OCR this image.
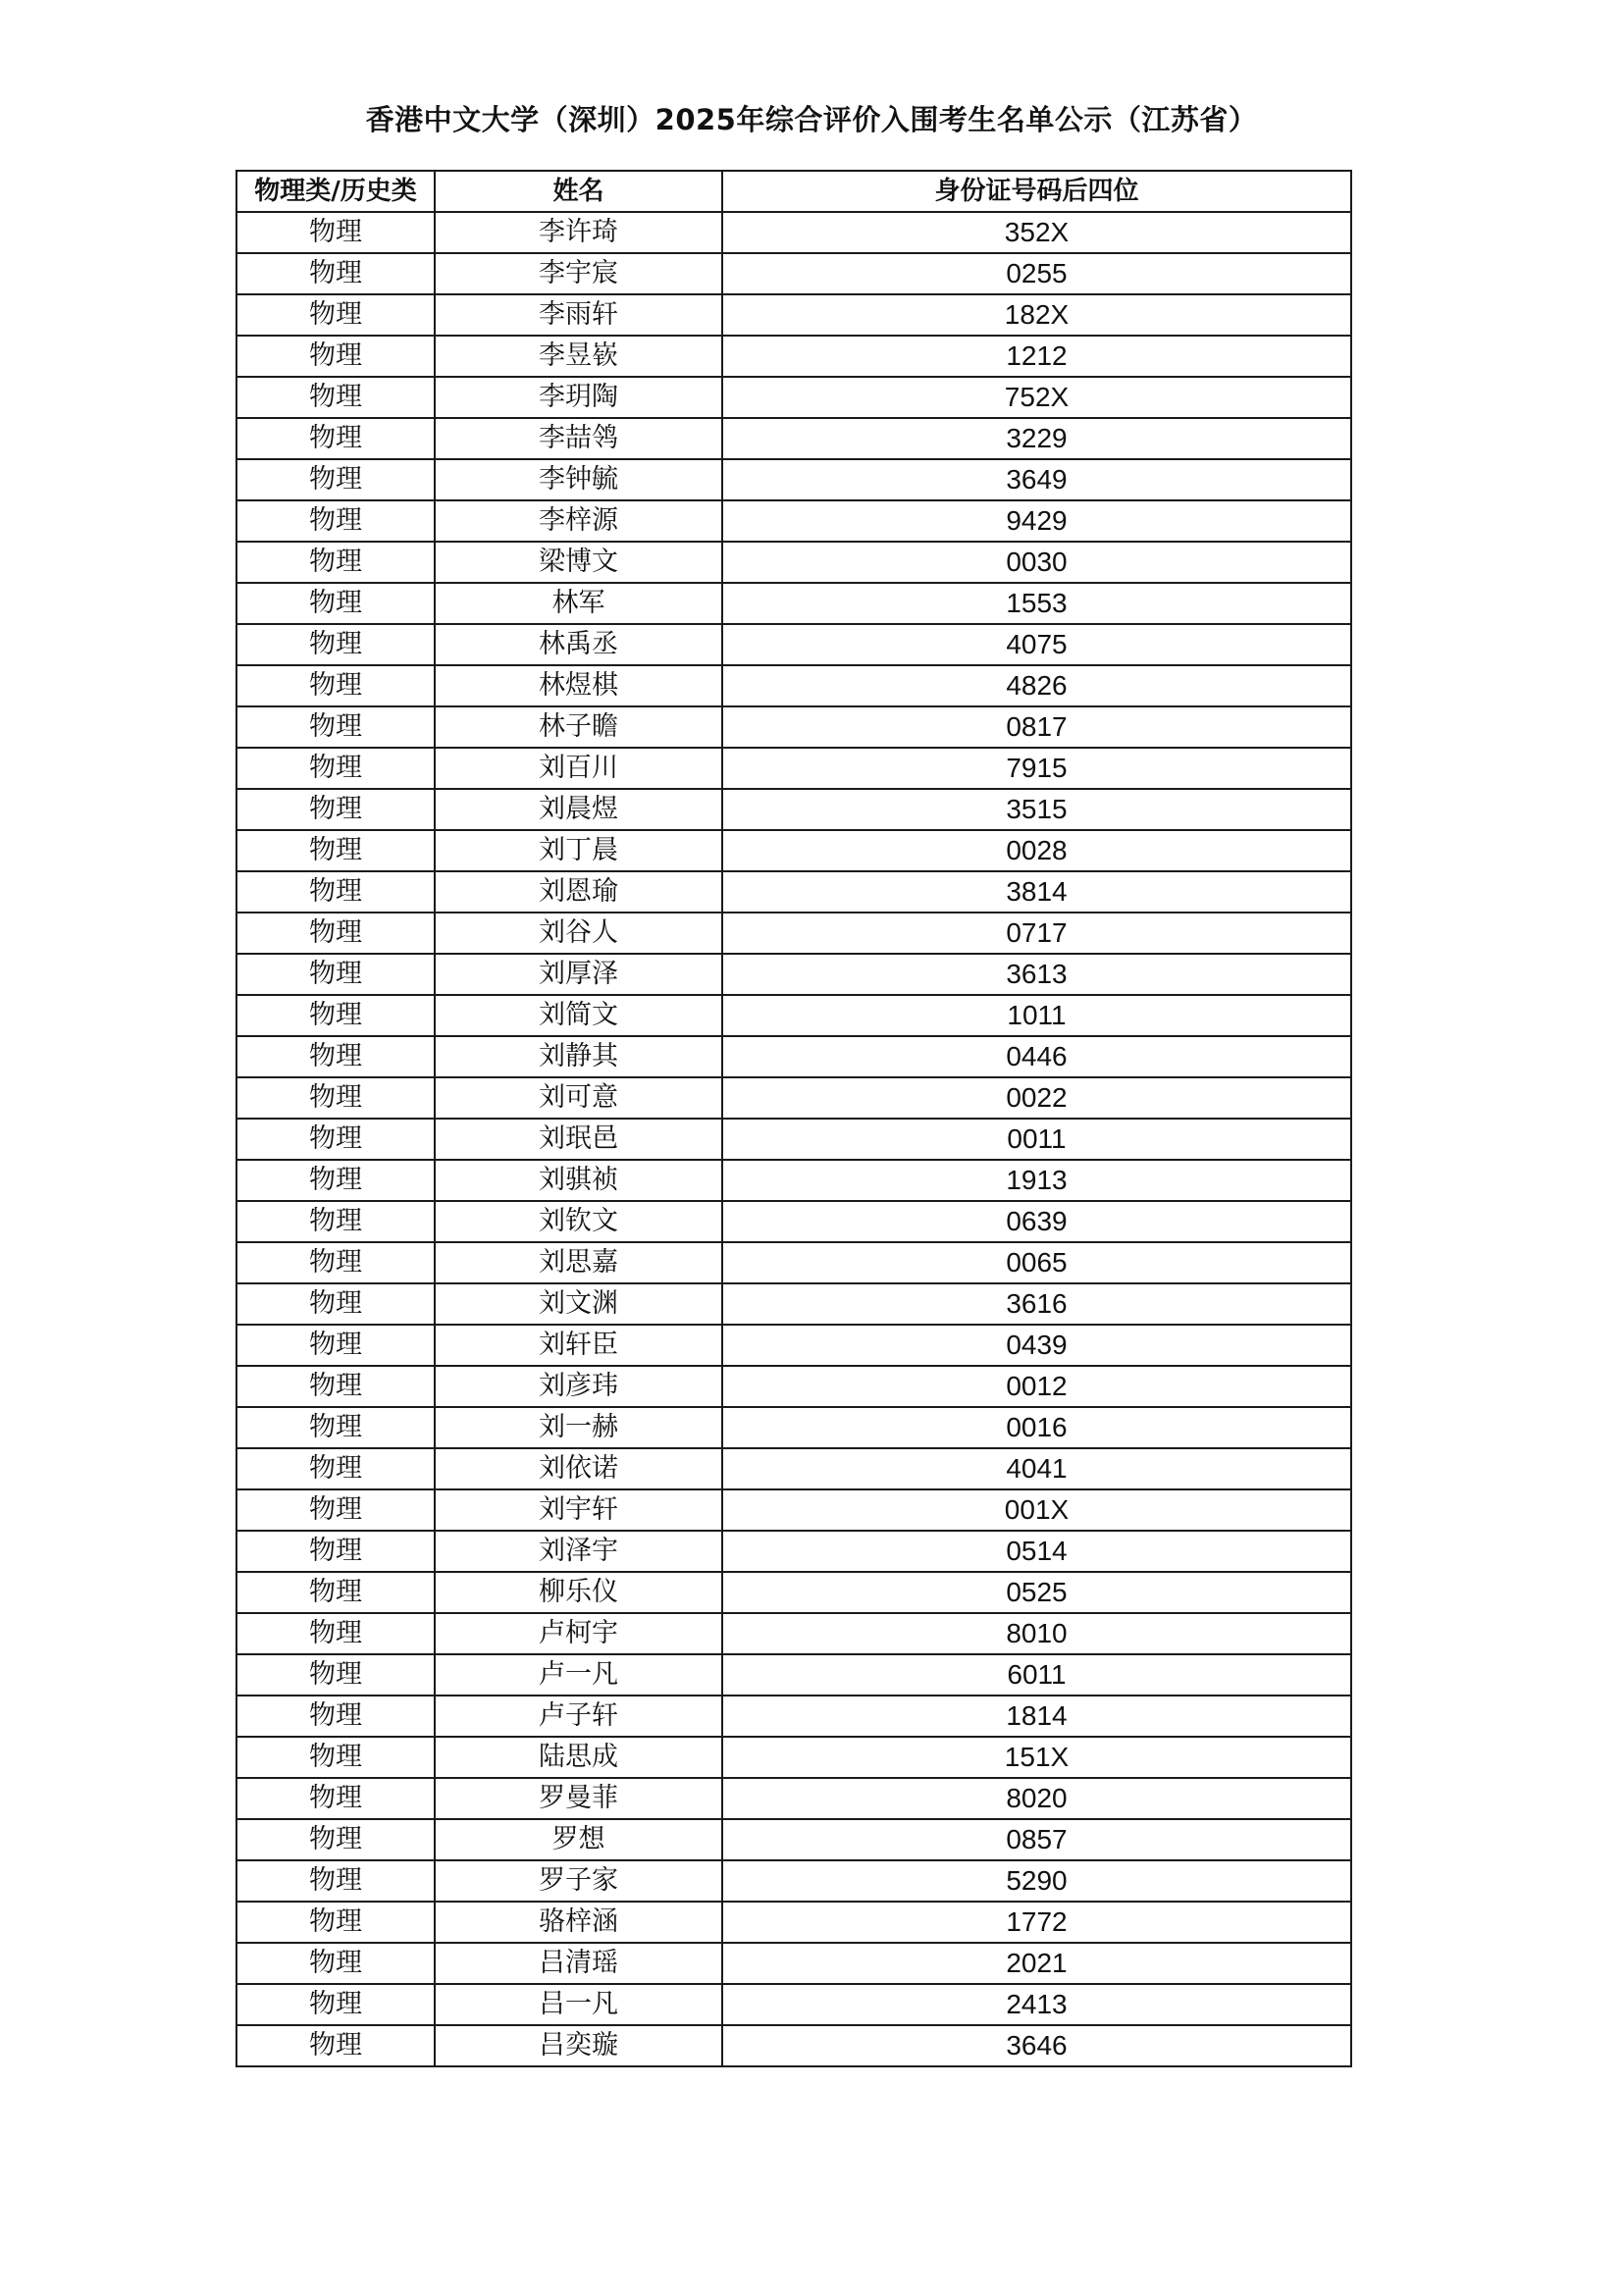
香港中文大学（深圳）2025年综合评价入围考生名单公示（江苏省）
物理类/历史类	姓名	身份证号码后四位
物理	李许琦	352X
物理	李宇宸	0255
物理	李雨轩	182X
物理	李昱嵚	1212
物理	李玥陶	752X
物理	李喆鸰	3229
物理	李钟毓	3649
物理	李梓源	9429
物理	梁博文	0030
物理	林军	1553
物理	林禹丞	4075
物理	林煜棋	4826
物理	林子瞻	0817
物理	刘百川	7915
物理	刘晨煜	3515
物理	刘丁晨	0028
物理	刘恩瑜	3814
物理	刘谷人	0717
物理	刘厚泽	3613
物理	刘简文	1011
物理	刘静其	0446
物理	刘可意	0022
物理	刘珉邑	0011
物理	刘骐祯	1913
物理	刘钦文	0639
物理	刘思嘉	0065
物理	刘文渊	3616
物理	刘轩臣	0439
物理	刘彦玮	0012
物理	刘一赫	0016
物理	刘依诺	4041
物理	刘宇轩	001X
物理	刘泽宇	0514
物理	柳乐仪	0525
物理	卢柯宇	8010
物理	卢一凡	6011
物理	卢子轩	1814
物理	陆思成	151X
物理	罗曼菲	8020
物理	罗想	0857
物理	罗子家	5290
物理	骆梓涵	1772
物理	吕清瑶	2021
物理	吕一凡	2413
物理	吕奕璇	3646
